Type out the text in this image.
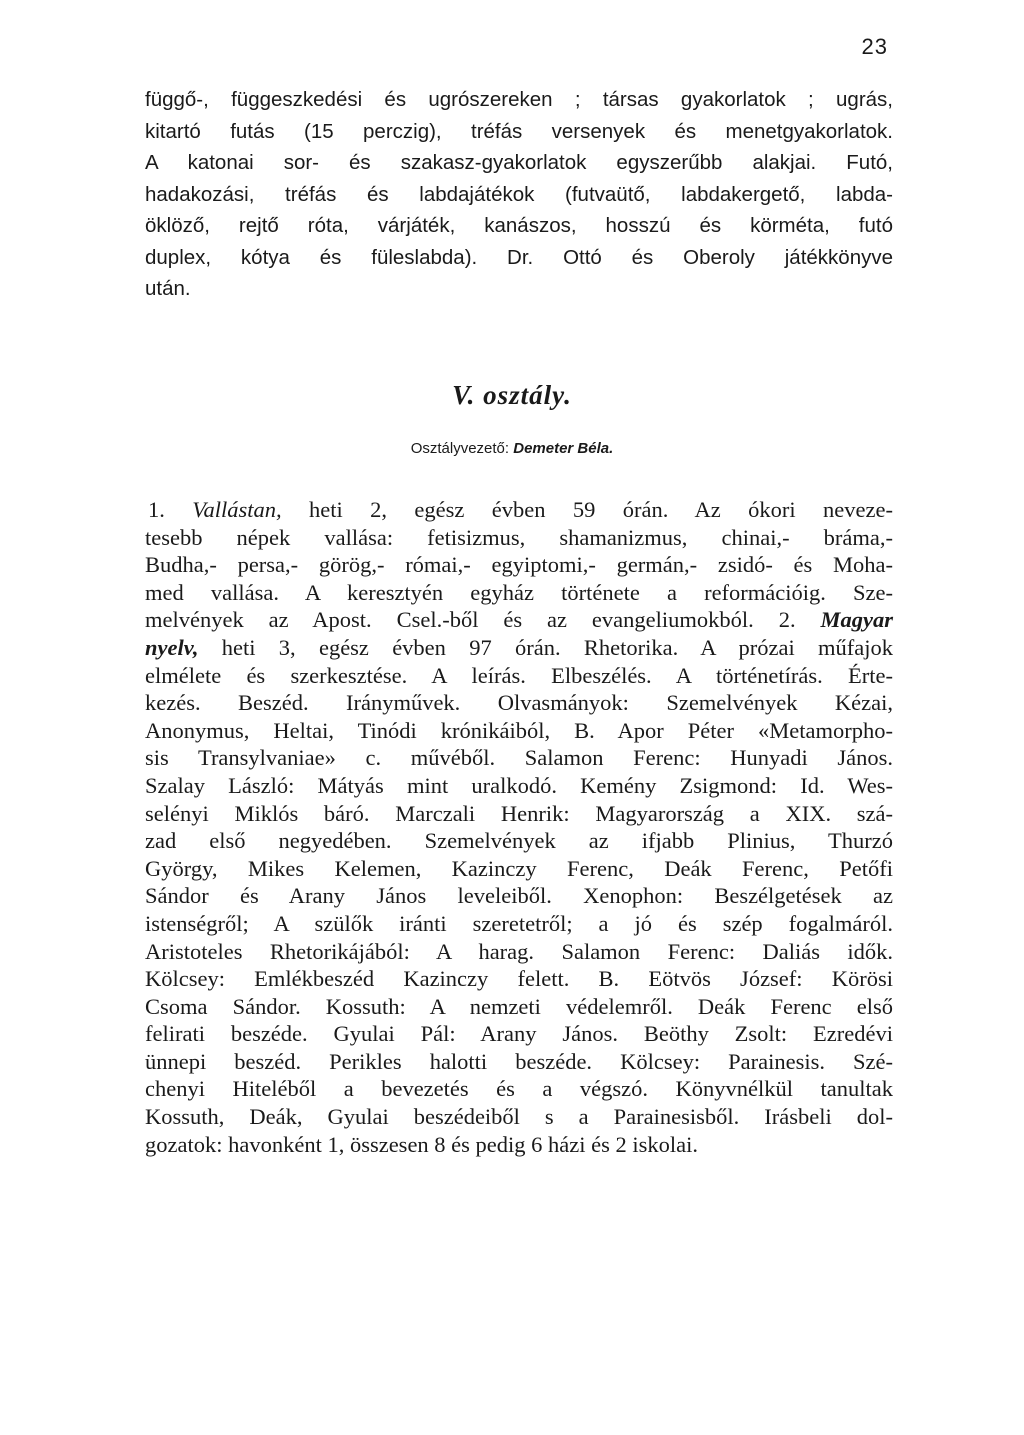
23
függő-, függeszkedési és ugrószereken ; társas gyakorlatok ; ugrás,
kitartó futás (15 perczig), tréfás versenyek és menetgyakorlatok.
A katonai sor- és szakasz-gyakorlatok egyszerűbb alakjai. Futó,
hadakozási, tréfás és labdajátékok (futvaütő, labdakergető, labda-
öklöző, rejtő róta, várjáték, kanászos, hosszú és körméta, futó
duplex, kótya és füleslabda). Dr. Ottó és Oberoly játékkönyve
után.
V. osztály.

Osztályvezető: Demeter Béla.

1. Vallástan, heti 2, egész évben 59 órán. Az ókori neveze-
tesebb népek vallása: fetisizmus, shamanizmus, chinai,- bráma,-
Budha,- persa,- görög,- római,- egyiptomi,- germán,- zsidó- és Moha-
med vallása. A keresztyén egyház története a reformációig. Sze-
melvények az Apost. Csel.-ből és az evangeliumokból. 2. Magyar
nyelv, heti 3, egész évben 97 órán. Rhetorika. A prózai műfajok
elmélete és szerkesztése. A leírás. Elbeszélés. A történetírás. Érte-
kezés. Beszéd. Irányművek. Olvasmányok: Szemelvények Kézai,
Anonymus, Heltai, Tinódi krónikáiból, B. Apor Péter «Metamorpho-
sis Transylvaniae» c. művéből. Salamon Ferenc: Hunyadi János.
Szalay László: Mátyás mint uralkodó. Kemény Zsigmond: Id. Wes-
selényi Miklós báró. Marczali Henrik: Magyarország a XIX. szá-
zad első negyedében. Szemelvények az ifjabb Plinius, Thurzó
György, Mikes Kelemen, Kazinczy Ferenc, Deák Ferenc, Petőfi
Sándor és Arany János leveleiből. Xenophon: Beszélgetések az
istenségről; A szülők iránti szeretetről; a jó és szép fogalmáról.
Aristoteles Rhetorikájából: A harag. Salamon Ferenc: Daliás idők.
Kölcsey: Emlékbeszéd Kazinczy felett. B. Eötvös József: Körösi
Csoma Sándor. Kossuth: A nemzeti védelemről. Deák Ferenc első
felirati beszéde. Gyulai Pál: Arany János. Beöthy Zsolt: Ezredévi
ünnepi beszéd. Perikles halotti beszéde. Kölcsey: Parainesis. Szé-
chenyi Hiteléből a bevezetés és a végszó. Könyvnélkül tanultak
Kossuth, Deák, Gyulai beszédeiből s a Parainesisből. Irásbeli dol-
gozatok: havonként 1, összesen 8 és pedig 6 házi és 2 iskolai.
